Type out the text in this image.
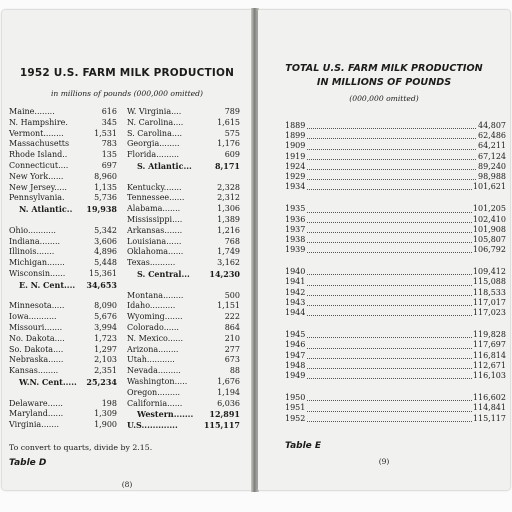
1952 U.S. FARM MILK PRODUCTION
in millions of pounds (000,000 omitted)
Maine........	616
N. Hampshire.	345
Vermont........	1,531
Massachusetts	783
Rhode Island..	135
Connecticut....	697
New York......	8,960
New Jersey.....	1,135
Pennsylvania.	5,736
N. Atlantic.. 19,938
Ohio...........	5,342
Indiana........	3,606
Illinois.......	4,896
Michigan.......	5,448
Wisconsin......	15,361
E. N. Cent.... 34,653
Minnesota.....	8,090
Iowa...........	5,676
Missouri.......	3,994
No. Dakota....	1,723
So. Dakota....	1,297
Nebraska......	2,103
Kansas........	2,351
W.N. Cent..... 25,234
Delaware......	198
Maryland......	1,309
Virginia.......	1,900
W. Virginia....	789
N. Carolina....	1,615
S. Carolina....	575
Georgia........	1,176
Florida.........	609
S. Atlantic...	8,171
Kentucky.......	2,328
Tennessee......	2,312
Alabama.......	1,306
Mississippi....	1,389
Arkansas.......	1,216
Louisiana......	768
Oklahoma......	1,749
Texas..........	3,162
S. Central... 14,230
Montana........	500
Idaho..........	1,151
Wyoming.......	222
Colorado......	864
N. Mexico......	210
Arizona........	277
Utah...........	673
Nevada.........	88
Washington.....	1,676
Oregon.........	1,194
California......	6,036
Western....... 12,891
U.S.............	115,117
To convert to quarts, divide by 2.15.
Table D
(8)
TOTAL U.S. FARM MILK PRODUCTION
IN MILLIONS OF POUNDS
(000,000 omitted)
1889	44,807
1899	62,486
1909	64,211
1919	67,124
1924	89,240
1929	98,988
1934	101,621
1935	101,205
1936	102,410
1937	101,908
1938	105,807
1939	106,792
1940	109,412
1941	115,088
1942	118,533
1943	117,017
1944	117,023
1945	119,828
1946	117,697
1947	116,814
1948	112,671
1949	116,103
1950	116,602
1951	114,841
1952	115,117
Table E
(9)
